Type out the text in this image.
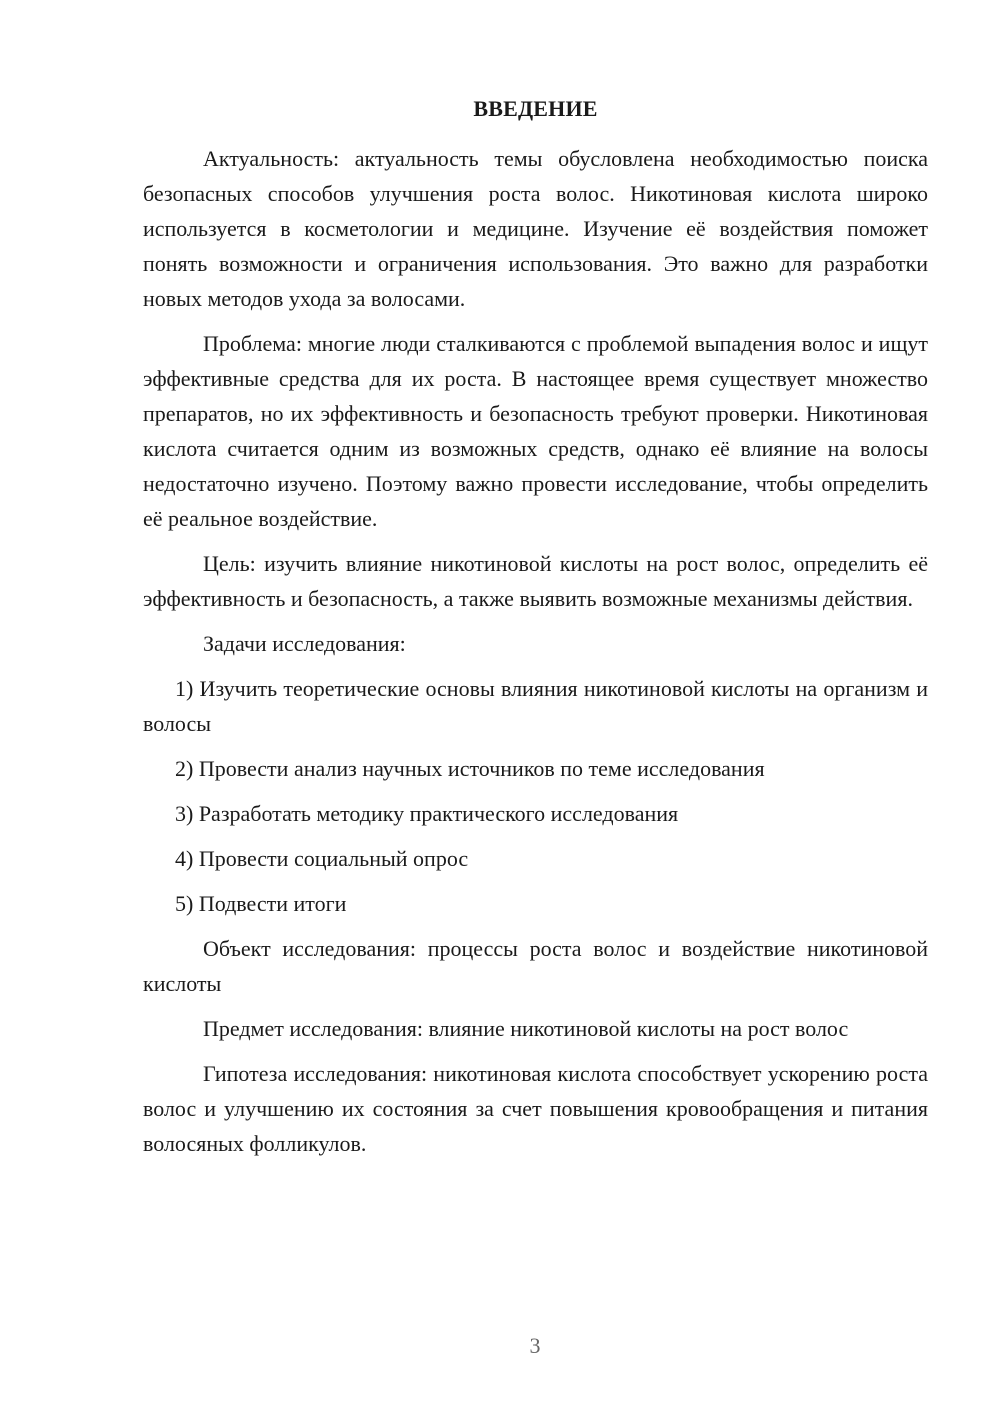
ВВЕДЕНИЕ

Актуальность: актуальность темы обусловлена необходимостью поиска безопасных способов улучшения роста волос. Никотиновая кислота широко используется в косметологии и медицине. Изучение её воздействия поможет понять возможности и ограничения использования. Это важно для разработки новых методов ухода за волосами.

Проблема: многие люди сталкиваются с проблемой выпадения волос и ищут эффективные средства для их роста. В настоящее время существует множество препаратов, но их эффективность и безопасность требуют проверки. Никотиновая кислота считается одним из возможных средств, однако её влияние на волосы недостаточно изучено. Поэтому важно провести исследование, чтобы определить её реальное воздействие.

Цель: изучить влияние никотиновой кислоты на рост волос, определить её эффективность и безопасность, а также выявить возможные механизмы действия.

Задачи исследования:

1) Изучить теоретические основы влияния никотиновой кислоты на организм и волосы

2) Провести анализ научных источников по теме исследования

3) Разработать методику практического исследования

4) Провести социальный опрос

5) Подвести итоги

Объект исследования: процессы роста волос и воздействие никотиновой кислоты

Предмет исследования: влияние никотиновой кислоты на рост волос

Гипотеза исследования: никотиновая кислота способствует ускорению роста волос и улучшению их состояния за счет повышения кровообращения и питания волосяных фолликулов.

3
